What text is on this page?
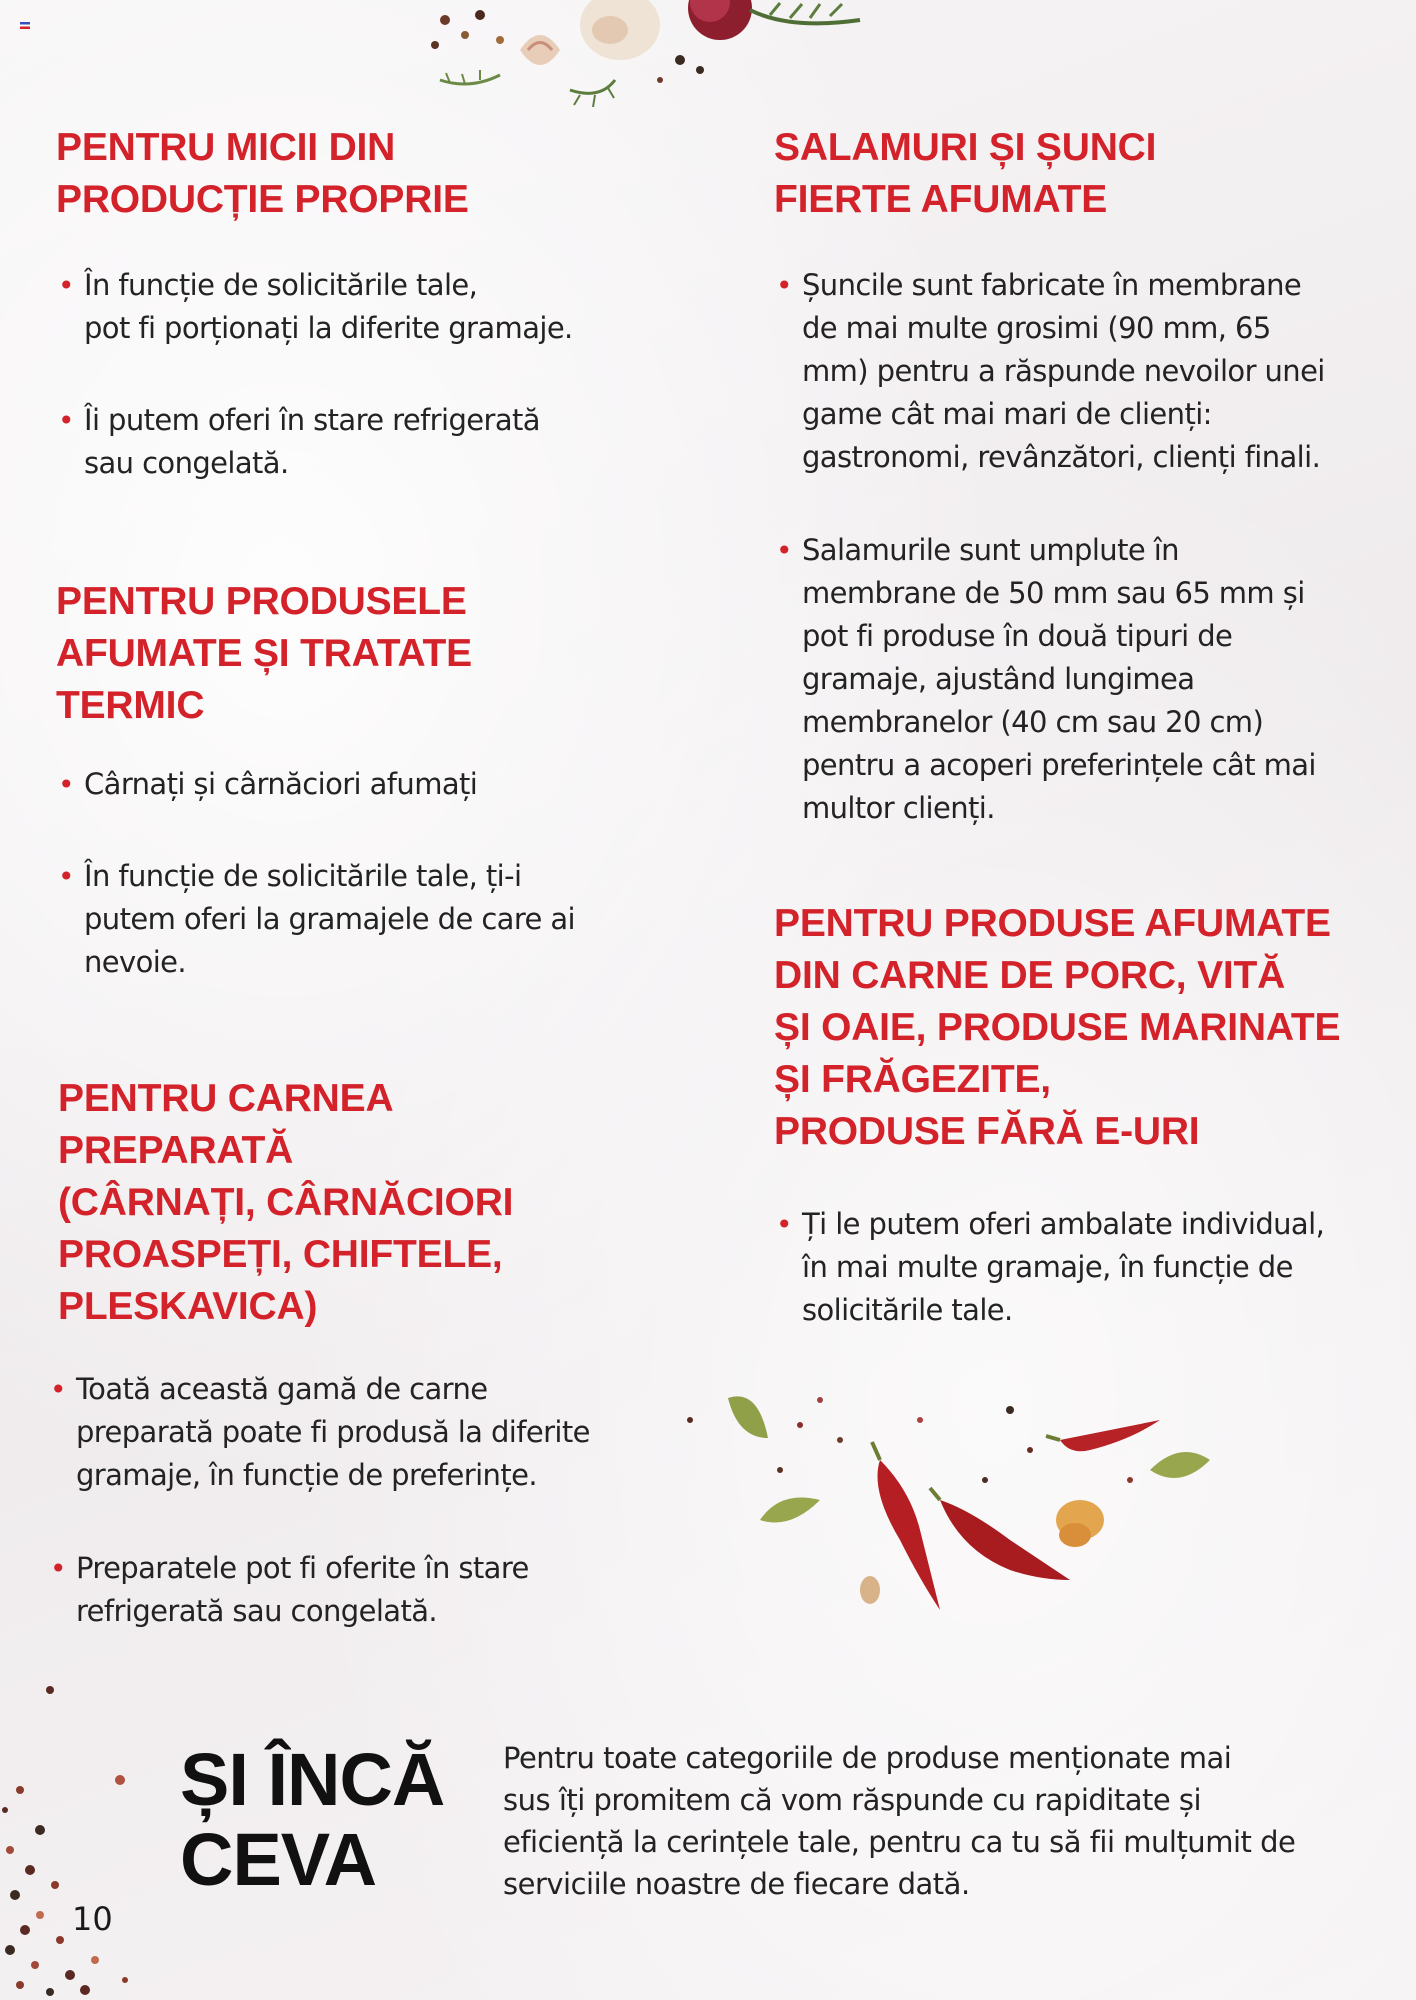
PENTRU MICII DIN
PRODUCȚIE PROPRIE
• În funcție de solicitările tale,
pot fi porționați la diferite gramaje.
• Îi putem oferi în stare refrigerată
sau congelată.
PENTRU PRODUSELE
AFUMATE ȘI TRATATE
TERMIC
• Cârnați și cârnăciori afumați
• În funcție de solicitările tale, ți-i
putem oferi la gramajele de care ai
nevoie.
PENTRU CARNEA
PREPARATĂ
(CÂRNAȚI, CÂRNĂCIORI
PROASPEȚI, CHIFTELE,
PLESKAVICA)
• Toată această gamă de carne
preparată poate fi produsă la diferite
gramaje, în funcție de preferințe.
• Preparatele pot fi oferite în stare
refrigerată sau congelată.
SALAMURI ȘI ȘUNCI
FIERTE AFUMATE
• Șuncile sunt fabricate în membrane
de mai multe grosimi (90 mm, 65
mm) pentru a răspunde nevoilor unei
game cât mai mari de clienți:
gastronomi, revânzători, clienți finali.
• Salamurile sunt umplute în
membrane de 50 mm sau 65 mm și
pot fi produse în două tipuri de
gramaje, ajustând lungimea
membranelor (40 cm sau 20 cm)
pentru a acoperi preferințele cât mai
multor clienți.
PENTRU PRODUSE AFUMATE
DIN CARNE DE PORC, VITĂ
ȘI OAIE, PRODUSE MARINATE
ȘI FRĂGEZITE,
PRODUSE FĂRĂ E-URI
• Ți le putem oferi ambalate individual,
în mai multe gramaje, în funcție de
solicitările tale.
ȘI ÎNCĂ
CEVA

Pentru toate categoriile de produse menționate mai
sus îți promitem că vom răspunde cu rapiditate și
eficiență la cerințele tale, pentru ca tu să fii mulțumit de
serviciile noastre de fiecare dată.

10
